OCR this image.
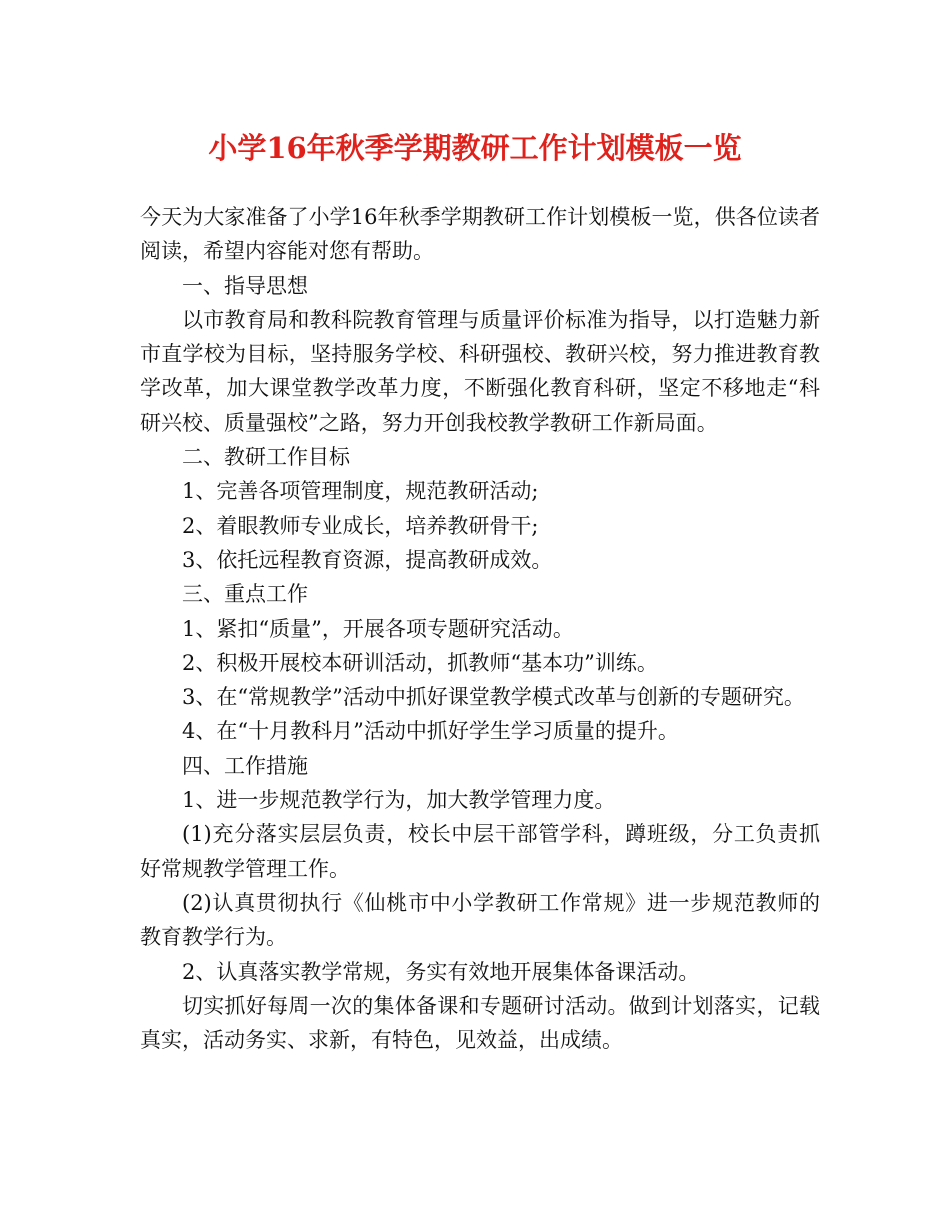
小学16年秋季学期教研工作计划模板一览

今天为大家准备了小学16年秋季学期教研工作计划模板一览，供各位读者阅读，希望内容能对您有帮助。

一、指导思想

以市教育局和教科院教育管理与质量评价标准为指导，以打造魅力新市直学校为目标，坚持服务学校、科研强校、教研兴校，努力推进教育教学改革，加大课堂教学改革力度，不断强化教育科研，坚定不移地走“科研兴校、质量强校”之路，努力开创我校教学教研工作新局面。

二、教研工作目标

1、完善各项管理制度，规范教研活动;

2、着眼教师专业成长，培养教研骨干;

3、依托远程教育资源，提高教研成效。

三、重点工作

1、紧扣“质量”，开展各项专题研究活动。

2、积极开展校本研训活动，抓教师“基本功”训练。

3、在“常规教学”活动中抓好课堂教学模式改革与创新的专题研究。

4、在“十月教科月”活动中抓好学生学习质量的提升。

四、工作措施

1、进一步规范教学行为，加大教学管理力度。

(1)充分落实层层负责，校长中层干部管学科，蹲班级，分工负责抓好常规教学管理工作。

(2)认真贯彻执行《仙桃市中小学教研工作常规》进一步规范教师的教育教学行为。

2、认真落实教学常规，务实有效地开展集体备课活动。

切实抓好每周一次的集体备课和专题研讨活动。做到计划落实，记载真实，活动务实、求新，有特色，见效益，出成绩。
